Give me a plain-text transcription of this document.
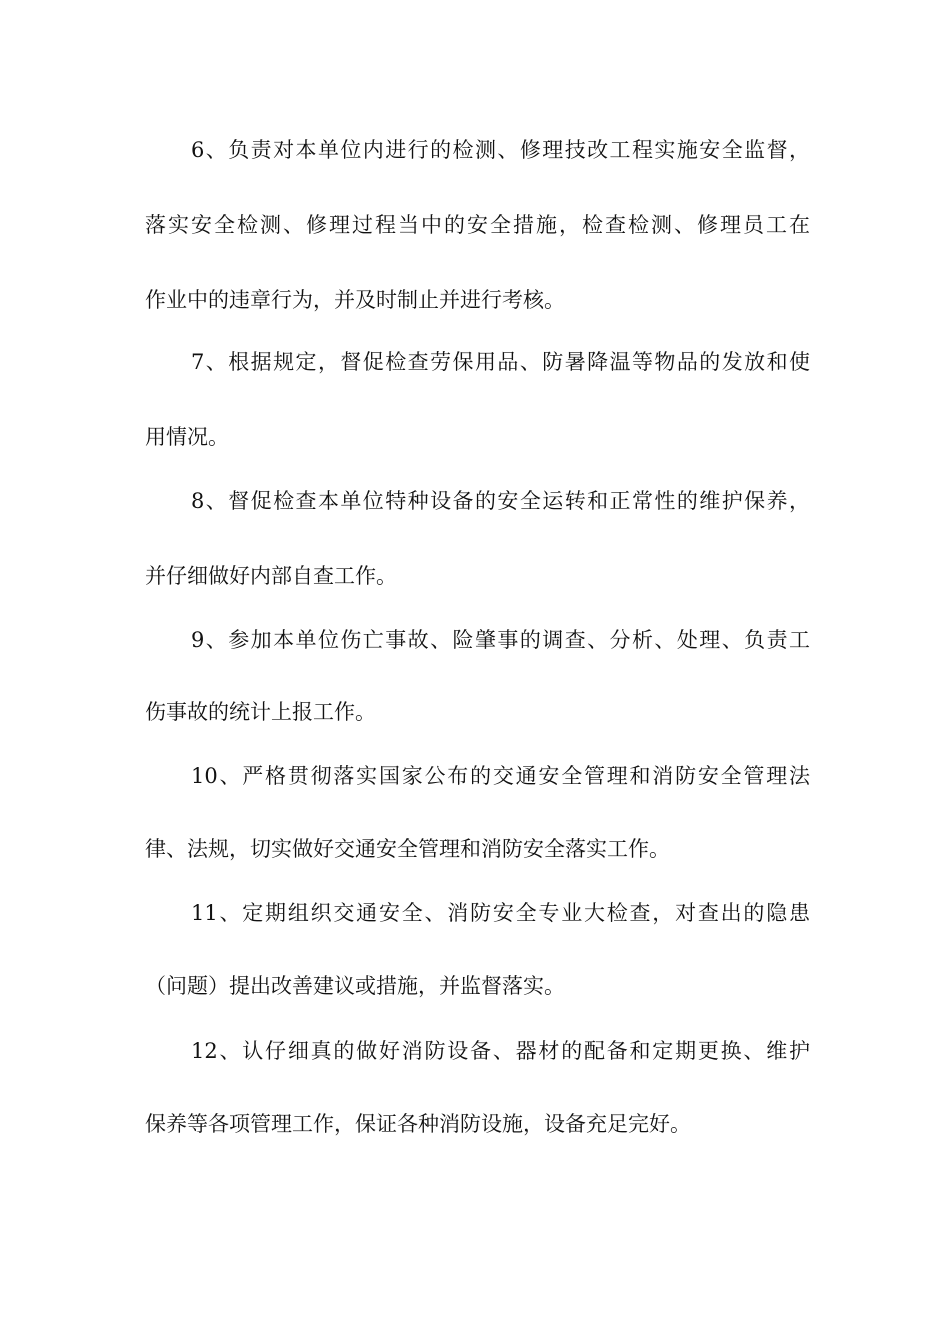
6、负责对本单位内进行的检测、修理技改工程实施安全监督，
落实安全检测、修理过程当中的安全措施，检查检测、修理员工在
作业中的违章行为，并及时制止并进行考核。
7、根据规定，督促检查劳保用品、防暑降温等物品的发放和使
用情况。
8、督促检查本单位特种设备的安全运转和正常性的维护保养，
并仔细做好内部自查工作。
9、参加本单位伤亡事故、险肇事的调查、分析、处理、负责工
伤事故的统计上报工作。
10、严格贯彻落实国家公布的交通安全管理和消防安全管理法
律、法规，切实做好交通安全管理和消防安全落实工作。
11、定期组织交通安全、消防安全专业大检查，对查出的隐患
（问题）提出改善建议或措施，并监督落实。
12、认仔细真的做好消防设备、器材的配备和定期更换、维护
保养等各项管理工作，保证各种消防设施，设备充足完好。
